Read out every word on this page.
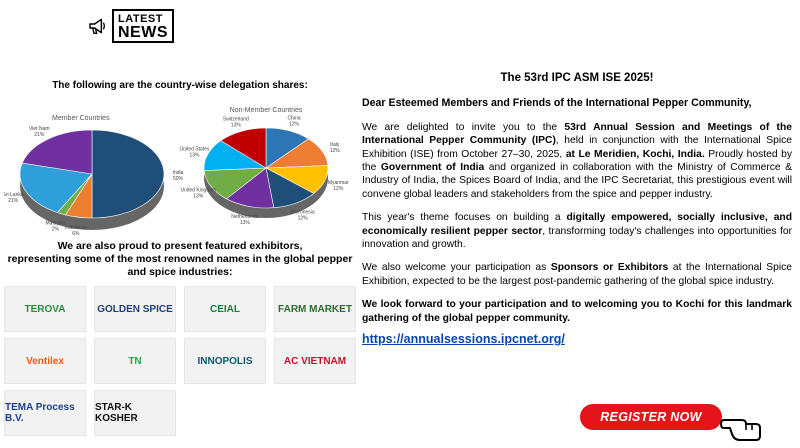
LATEST
NEWS
The following are the country-wise delegation shares:
Member Countries
India 50%
Indonesia 6%
Malaysia 2%
Sri Lanka 21%
Viet Nam 21%
Non-Member Countries
China 12%
Italy 12%
Myanmar 12%
Micronesia 12%
Netherlands 13%
United Kingdom 13%
United States 13%
Switzerland 13%
We are also proud to present featured exhibitors,
representing some of the most renowned names in the global pepper
and spice industries:
TEROVA	GOLDEN SPICE	CEIAL	FARM MARKET
Ventilex	TN	INNOPOLIS	AC VIETNAM
TEMA Process B.V.
STAR-K KOSHER
The 53rd IPC ASM ISE 2025!
Dear Esteemed Members and Friends of the International Pepper Community,
We are delighted to invite you to the 53rd Annual Session and Meetings of the International Pepper Community (IPC), held in conjunction with the International Spice Exhibition (ISE) from October 27–30, 2025, at Le Meridien, Kochi, India. Proudly hosted by the Government of India and organized in collaboration with the Ministry of Commerce & Industry of India, the Spices Board of India, and the IPC Secretariat, this prestigious event will convene global leaders and stakeholders from the spice and pepper industry.
This year's theme focuses on building a digitally empowered, socially inclusive, and economically resilient pepper sector, transforming today's challenges into opportunities for innovation and growth.
We also welcome your participation as Sponsors or Exhibitors at the International Spice Exhibition, expected to be the largest post-pandemic gathering of the global spice industry.
We look forward to your participation and to welcoming you to Kochi for this landmark gathering of the global pepper community.
https://annualsessions.ipcnet.org/
REGISTER NOW
